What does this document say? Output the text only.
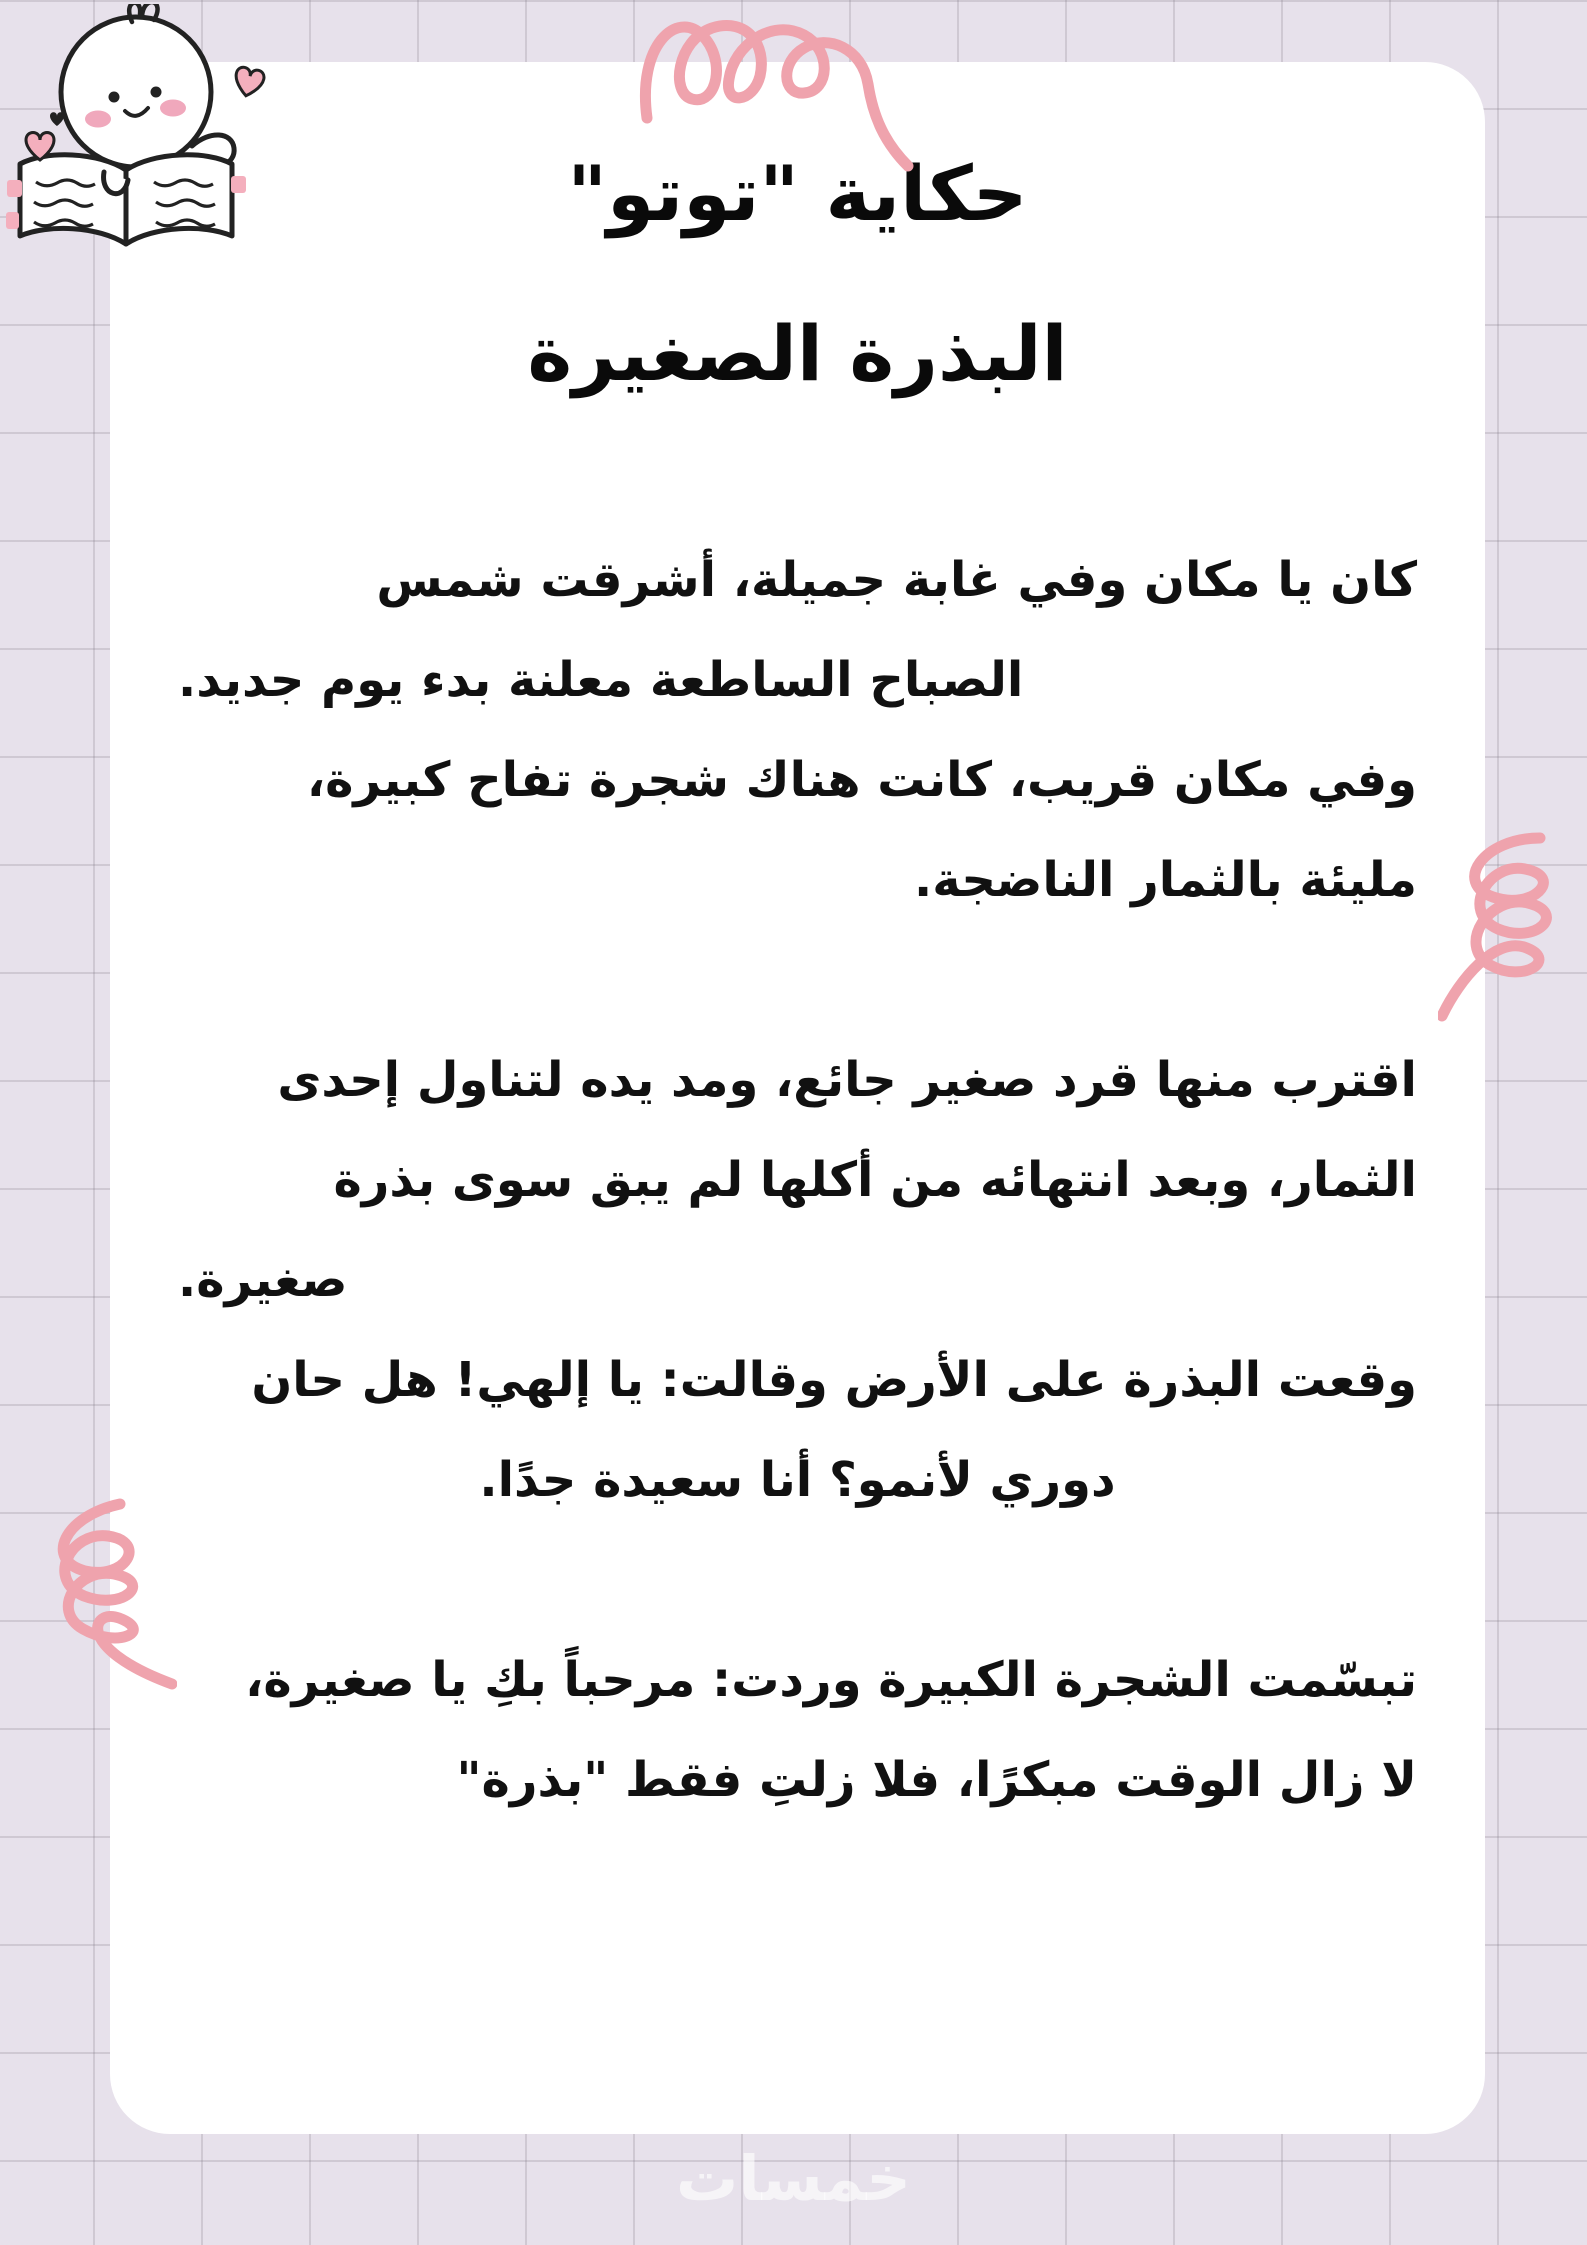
حكاية "توتو"
البذرة الصغيرة
كان يا مكان وفي غابة جميلة، أشرقت شمس
الصباح الساطعة معلنة بدء يوم جديد.
وفي مكان قريب، كانت هناك شجرة تفاح كبيرة،
مليئة بالثمار الناضجة.
اقترب منها قرد صغير جائع، ومد يده لتناول إحدى
الثمار، وبعد انتهائه من أكلها لم يبق سوى بذرة
صغيرة.
وقعت البذرة على الأرض وقالت: يا إلهي! هل حان
دوري لأنمو؟ أنا سعيدة جدًا.
تبسّمت الشجرة الكبيرة وردت: مرحباً بكِ يا صغيرة،
لا زال الوقت مبكرًا، فلا زلتِ فقط "بذرة"
خمسات
